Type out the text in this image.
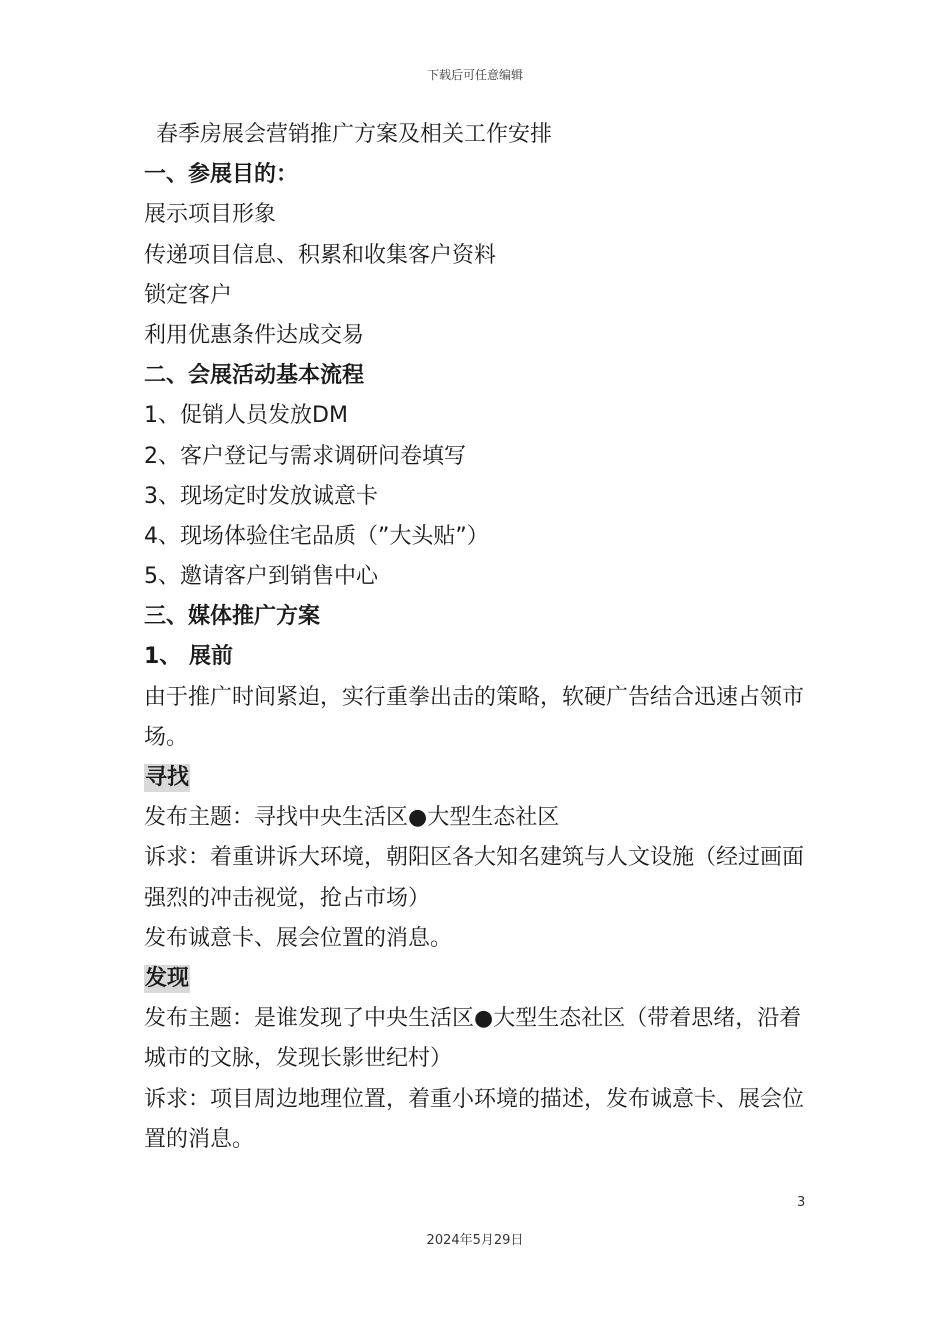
下载后可任意编辑
春季房展会营销推广方案及相关工作安排
一、参展目的：
展示项目形象
传递项目信息、积累和收集客户资料
锁定客户
利用优惠条件达成交易
二、会展活动基本流程
1、促销人员发放DM
2、客户登记与需求调研问卷填写
3、现场定时发放诚意卡
4、现场体验住宅品质（”大头贴”）
5、邀请客户到销售中心
三、媒体推广方案
1、 展前
由于推广时间紧迫，实行重拳出击的策略，软硬广告结合迅速占领市场。
寻找
发布主题：寻找中央生活区●大型生态社区
诉求：着重讲诉大环境，朝阳区各大知名建筑与人文设施（经过画面强烈的冲击视觉，抢占市场）
发布诚意卡、展会位置的消息。
发现
发布主题：是谁发现了中央生活区●大型生态社区（带着思绪，沿着城市的文脉，发现长影世纪村）
诉求：项目周边地理位置，着重小环境的描述，发布诚意卡、展会位置的消息。
3
2024年5月29日
